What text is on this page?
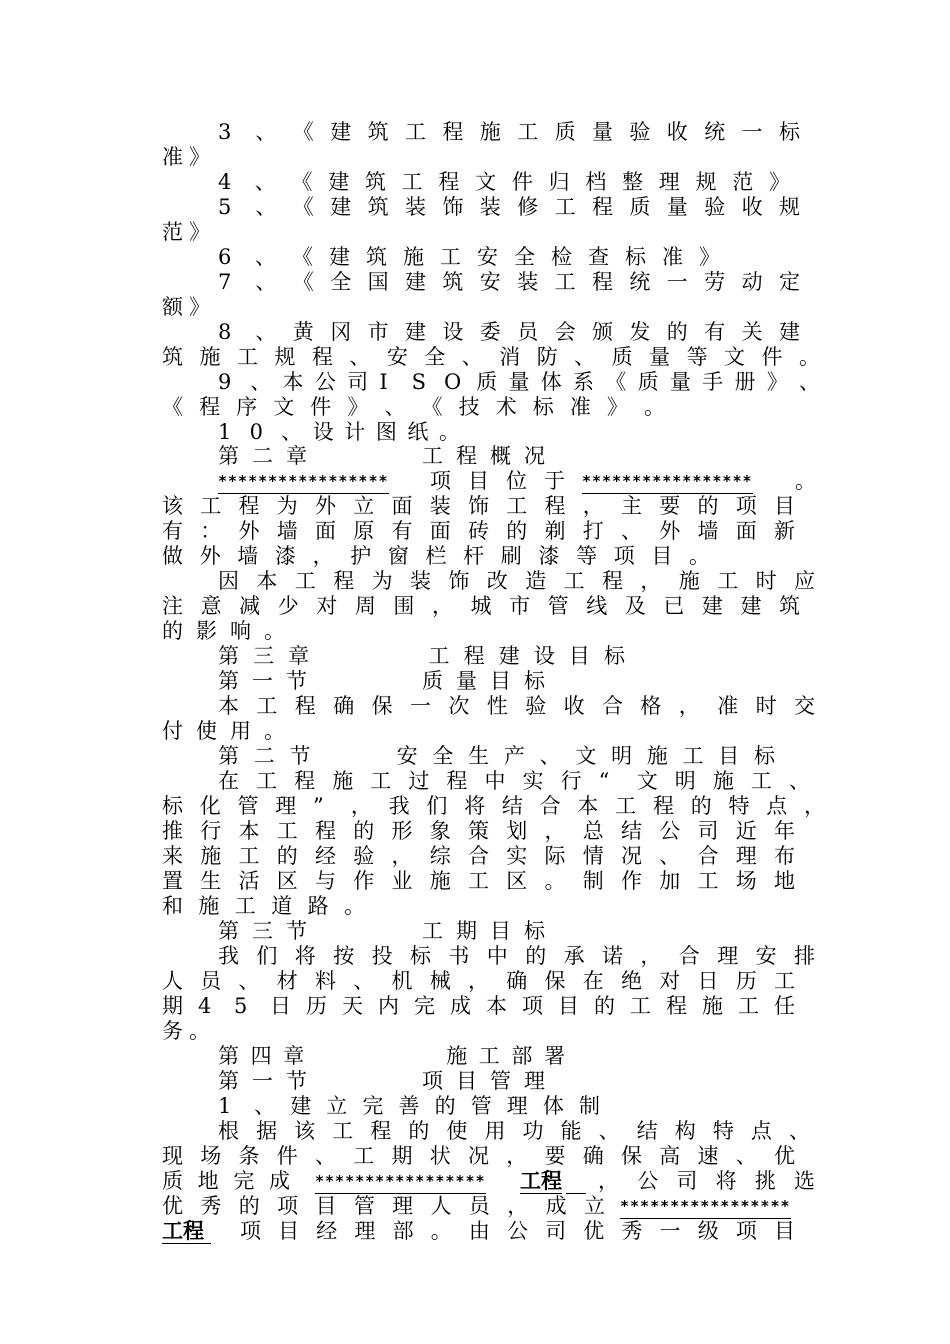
3 、 《 建 筑 工 程 施 工 质 量 验 收 统 一 标
准 》
4 、 《 建 筑 工 程 文 件 归 档 整 理 规 范 》
5 、 《 建 筑 装 饰 装 修 工 程 质 量 验 收 规
范 》
6 、 《 建 筑 施 工 安 全 检 查 标 准 》
7 、 《 全 国 建 筑 安 装 工 程 统 一 劳 动 定
额 》
8 、 黄 冈 市 建 设 委 员 会 颁 发 的 有 关 建
筑 施 工 规 程 、 安 全 、 消 防 、 质 量 等 文 件 。
9 、 本 公 司 I S O 质 量 体 系 《 质 量 手 册 》 、
《 程 序 文 件 》 、 《 技 术 标 准 》 。
1 0 、 设 计 图 纸 。
第 二 章

　	工 程 概 况
该 工 程 为 外 立 面 装 饰 工 程 ， 主 要 的 项 目
有 ： 外 墙 面 原 有 面 砖 的 剃 打 、 外 墙 面 新
做 外 墙 漆 ， 护 窗 栏 杆 刷 漆 等 项 目 。
因 本 工 程 为 装 饰 改 造 工 程 ， 施 工 时 应
注 意 减 少 对 周 围 ， 城 市 管 线 及 已 建 建 筑
的 影 响 。
第 三 章

　	工 程 建 设 目 标
第 一 节

　	质 量 目 标
本 工 程 确 保 一 次 性 验 收 合 格 ， 准 时 交
付 使 用 。
第 二 节

　	安 全 生 产 、 文 明 施 工 目 标
在 工 程 施 工 过 程 中 实 行 “ 文 明 施 工 、
标 化 管 理 ” ， 我 们 将 结 合 本 工 程 的 特 点 ，
推 行 本 工 程 的 形 象 策 划 ， 总 结 公 司 近 年
来 施 工 的 经 验 ， 综 合 实 际 情 况 、 合 理 布
置 生 活 区 与 作 业 施 工 区 。 制 作 加 工 场 地
和 施 工 道 路 。
第 三 节

　	工 期 目 标
我 们 将 按 投 标 书 中 的 承 诺 ， 合 理 安 排
人 员 、 材 料 、 机 械 ， 确 保 在 绝 对 日 历 工
期 4 5 日 历 天 内 完 成 本 项 目 的 工 程 施 工 任
务 。
第 四 章

　	施 工 部 署
第 一 节

　	项 目 管 理
1 、 建 立 完 善 的 管 理 体 制
根 据 该 工 程 的 使 用 功 能 、 结 构 特 点 、
现 场 条 件 、 工 期 状 况 ， 要 确 保 高 速 、 优
***************** 项 目 位 于 ***************** 。
质 地 完 成 ***************** 工程
， 公 司 将 挑 选
优 秀 的 项 目 管 理 人 员 ， 成 立 *****************
工程 项 目 经 理 部 。 由 公 司 优 秀 一 级 项 目
